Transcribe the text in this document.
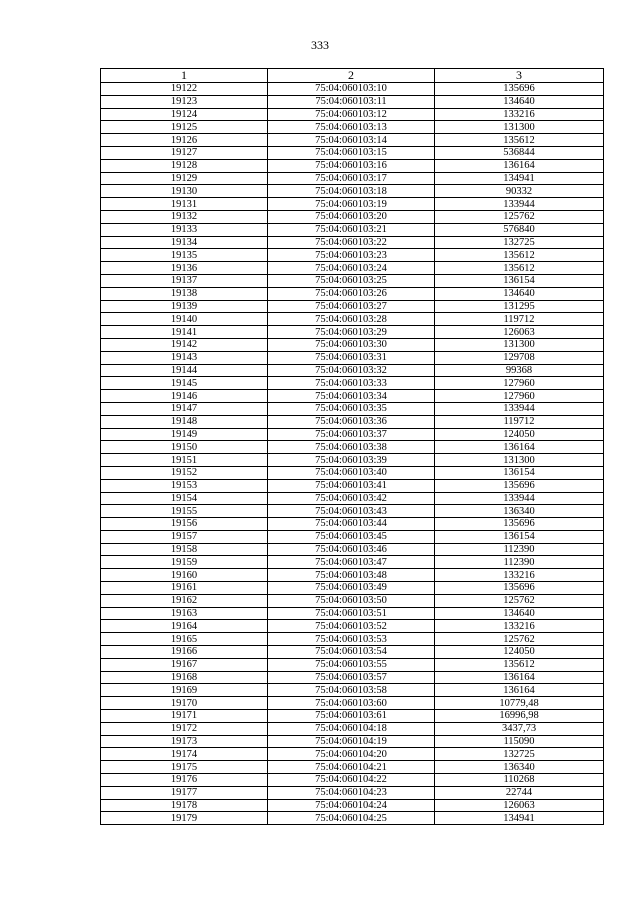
333
1	2	3
19122	75:04:060103:10	135696
19123	75:04:060103:11	134640
19124	75:04:060103:12	133216
19125	75:04:060103:13	131300
19126	75:04:060103:14	135612
19127	75:04:060103:15	536844
19128	75:04:060103:16	136164
19129	75:04:060103:17	134941
19130	75:04:060103:18	90332
19131	75:04:060103:19	133944
19132	75:04:060103:20	125762
19133	75:04:060103:21	576840
19134	75:04:060103:22	132725
19135	75:04:060103:23	135612
19136	75:04:060103:24	135612
19137	75:04:060103:25	136154
19138	75:04:060103:26	134640
19139	75:04:060103:27	131295
19140	75:04:060103:28	119712
19141	75:04:060103:29	126063
19142	75:04:060103:30	131300
19143	75:04:060103:31	129708
19144	75:04:060103:32	99368
19145	75:04:060103:33	127960
19146	75:04:060103:34	127960
19147	75:04:060103:35	133944
19148	75:04:060103:36	119712
19149	75:04:060103:37	124050
19150	75:04:060103:38	136164
19151	75:04:060103:39	131300
19152	75:04:060103:40	136154
19153	75:04:060103:41	135696
19154	75:04:060103:42	133944
19155	75:04:060103:43	136340
19156	75:04:060103:44	135696
19157	75:04:060103:45	136154
19158	75:04:060103:46	112390
19159	75:04:060103:47	112390
19160	75:04:060103:48	133216
19161	75:04:060103:49	135696
19162	75:04:060103:50	125762
19163	75:04:060103:51	134640
19164	75:04:060103:52	133216
19165	75:04:060103:53	125762
19166	75:04:060103:54	124050
19167	75:04:060103:55	135612
19168	75:04:060103:57	136164
19169	75:04:060103:58	136164
19170	75:04:060103:60	10779,48
19171	75:04:060103:61	16996,98
19172	75:04:060104:18	3437,73
19173	75:04:060104:19	115090
19174	75:04:060104:20	132725
19175	75:04:060104:21	136340
19176	75:04:060104:22	110268
19177	75:04:060104:23	22744
19178	75:04:060104:24	126063
19179	75:04:060104:25	134941
